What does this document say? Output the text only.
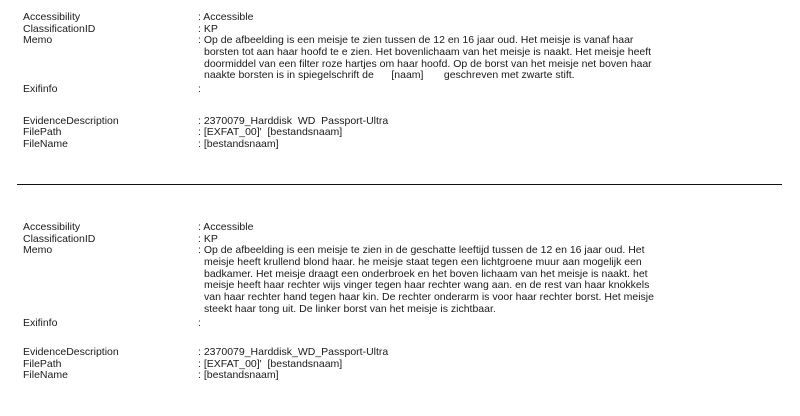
Accessibility	: Accessible
ClassificationID	: KP
Memo	: Op de afbeelding is een meisje te zien tussen de 12 en 16 jaar oud. Het meisje is vanaf haar
borsten tot aan haar hoofd te e zien. Het bovenlichaam van het meisje is naakt. Het meisje heeft
doormiddel van een filter roze hartjes om haar hoofd. Op de borst van het meisje net boven haar
naakte borsten is in spiegelschrift de      [naam]       geschreven met zwarte stift.
Exifinfo	:
EvidenceDescription	: 2370079_Harddisk  WD  Passport-Ultra
FilePath	: [EXFAT_00]'  [bestandsnaam]
FileName	: [bestandsnaam]
Accessibility	: Accessible
ClassificationID	: KP
Memo	: Op de afbeelding is een meisje te zien in de geschatte leeftijd tussen de 12 en 16 jaar oud. Het
meisje heeft krullend blond haar. he meisje staat tegen een lichtgroene muur aan mogelijk een
badkamer. Het meisje draagt een onderbroek en het boven lichaam van het meisje is naakt. het
meisje heeft haar rechter wijs vinger tegen haar rechter wang aan. en de rest van haar knokkels
van haar rechter hand tegen haar kin. De rechter onderarm is voor haar rechter borst. Het meisje
steekt haar tong uit. De linker borst van het meisje is zichtbaar.
Exifinfo	:
EvidenceDescription	: 2370079_Harddisk_WD_Passport-Ultra
FilePath	: [EXFAT_00]'  [bestandsnaam]
FileName	: [bestandsnaam]
